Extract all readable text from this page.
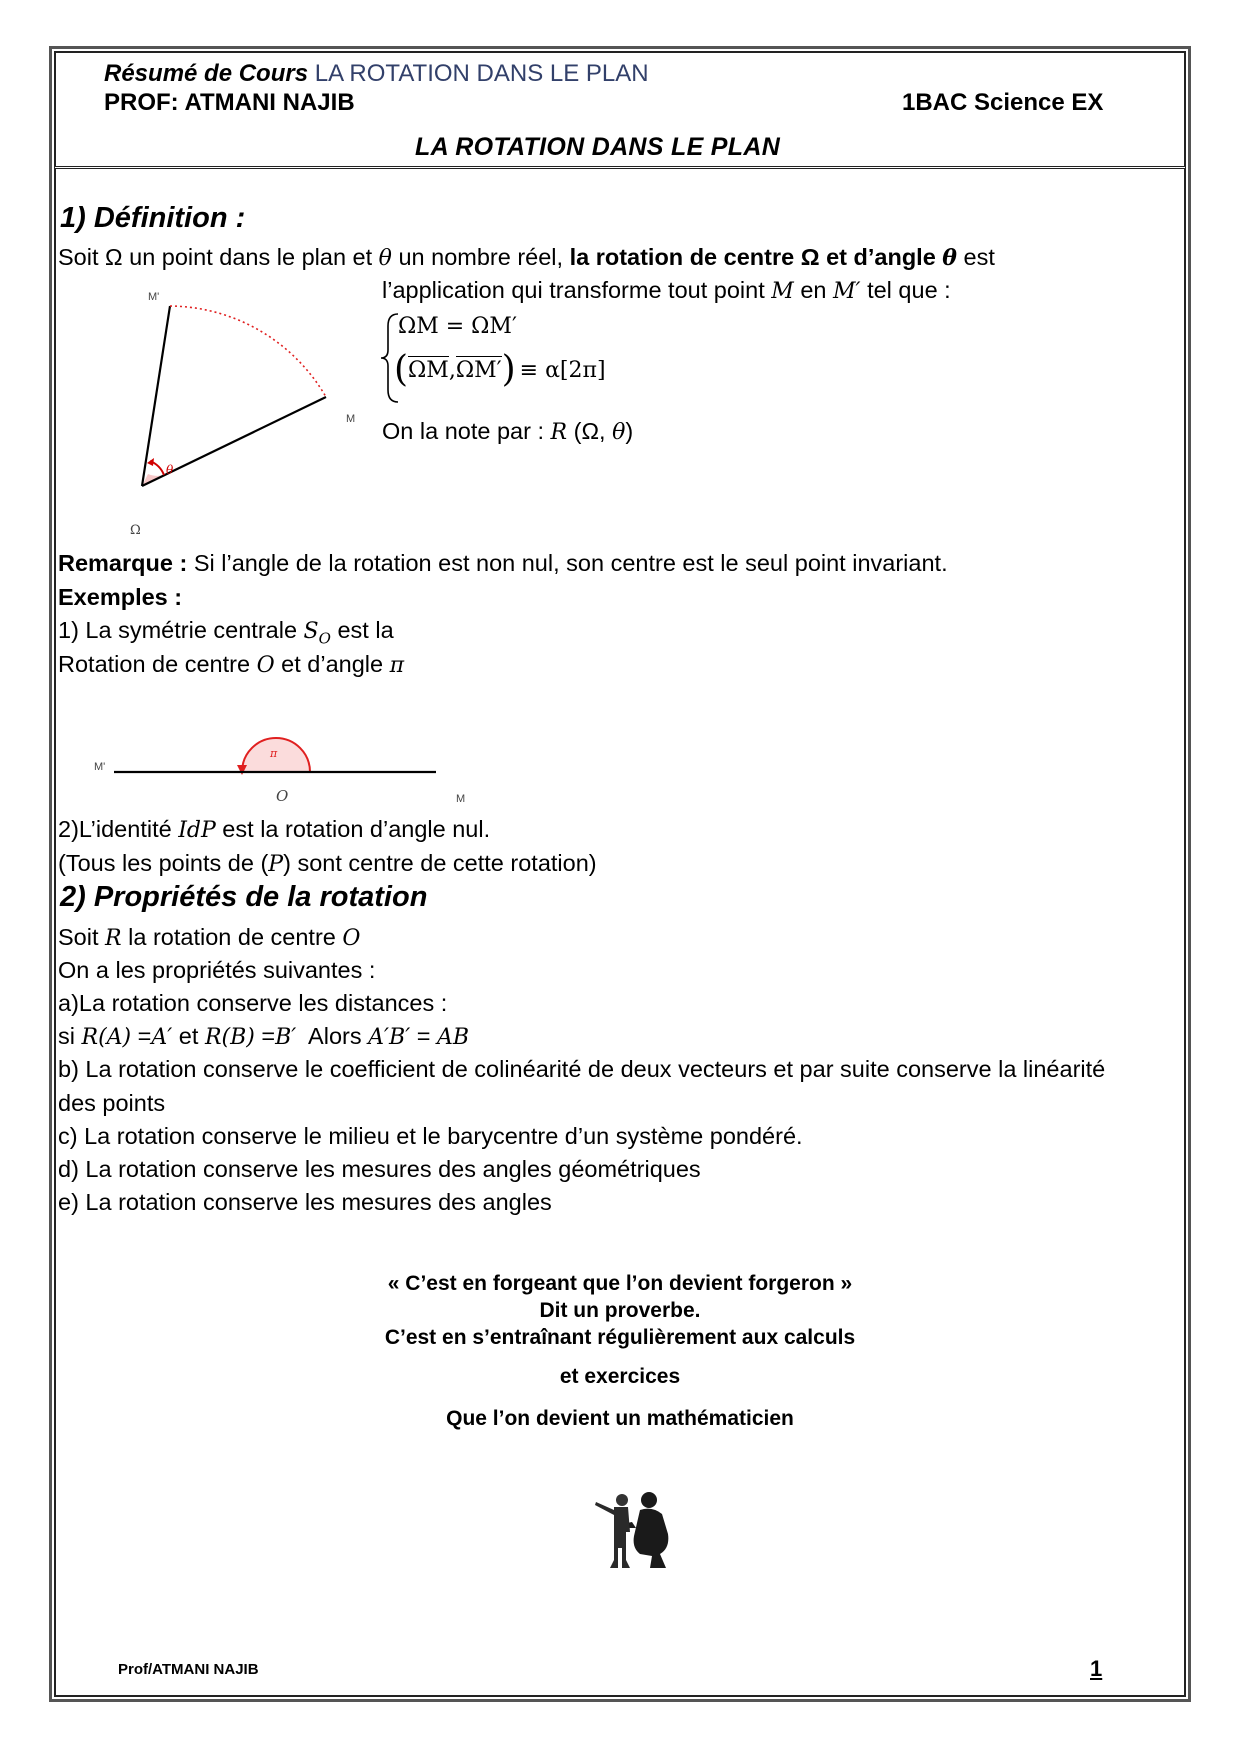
Résumé de Cours LA ROTATION DANS LE PLAN
PROF: ATMANI NAJIB	1BAC Science EX
LA ROTATION DANS LE PLAN
1) Définition :
Soit Ω un point dans le plan et θ un nombre réel, la rotation de centre Ω et d’angle θ est
l’application qui transforme tout point M en M′ tel que :
ΩM = ΩM′
(ΩM,ΩM′) ≡ α[2π]
On la note par : R (Ω, θ)
M'
M
Ω
θ
Remarque : Si l’angle de la rotation est non nul, son centre est le seul point invariant.
Exemples :
1) La symétrie centrale $S_O$ est la
Rotation de centre O et d’angle π
M'
O	M
π
2)L’identité IdP est la rotation d’angle nul.
(Tous les points de (P) sont centre de cette rotation)
2) Propriétés de la rotation
Soit R la rotation de centre O
On a les propriétés suivantes :
a)La rotation conserve les distances :
si R(A) =A′ et R(B) =B′  Alors A′B′ = AB
b) La rotation conserve le coefficient de colinéarité de deux vecteurs et par suite conserve la linéarité
des points
c) La rotation conserve le milieu et le barycentre d’un système pondéré.
d) La rotation conserve les mesures des angles géométriques
e) La rotation conserve les mesures des angles
« C’est en forgeant que l’on devient forgeron »
Dit un proverbe.
C’est en s’entraînant régulièrement aux calculs
et exercices
Que l’on devient un mathématicien
Prof/ATMANI NAJIB	1
